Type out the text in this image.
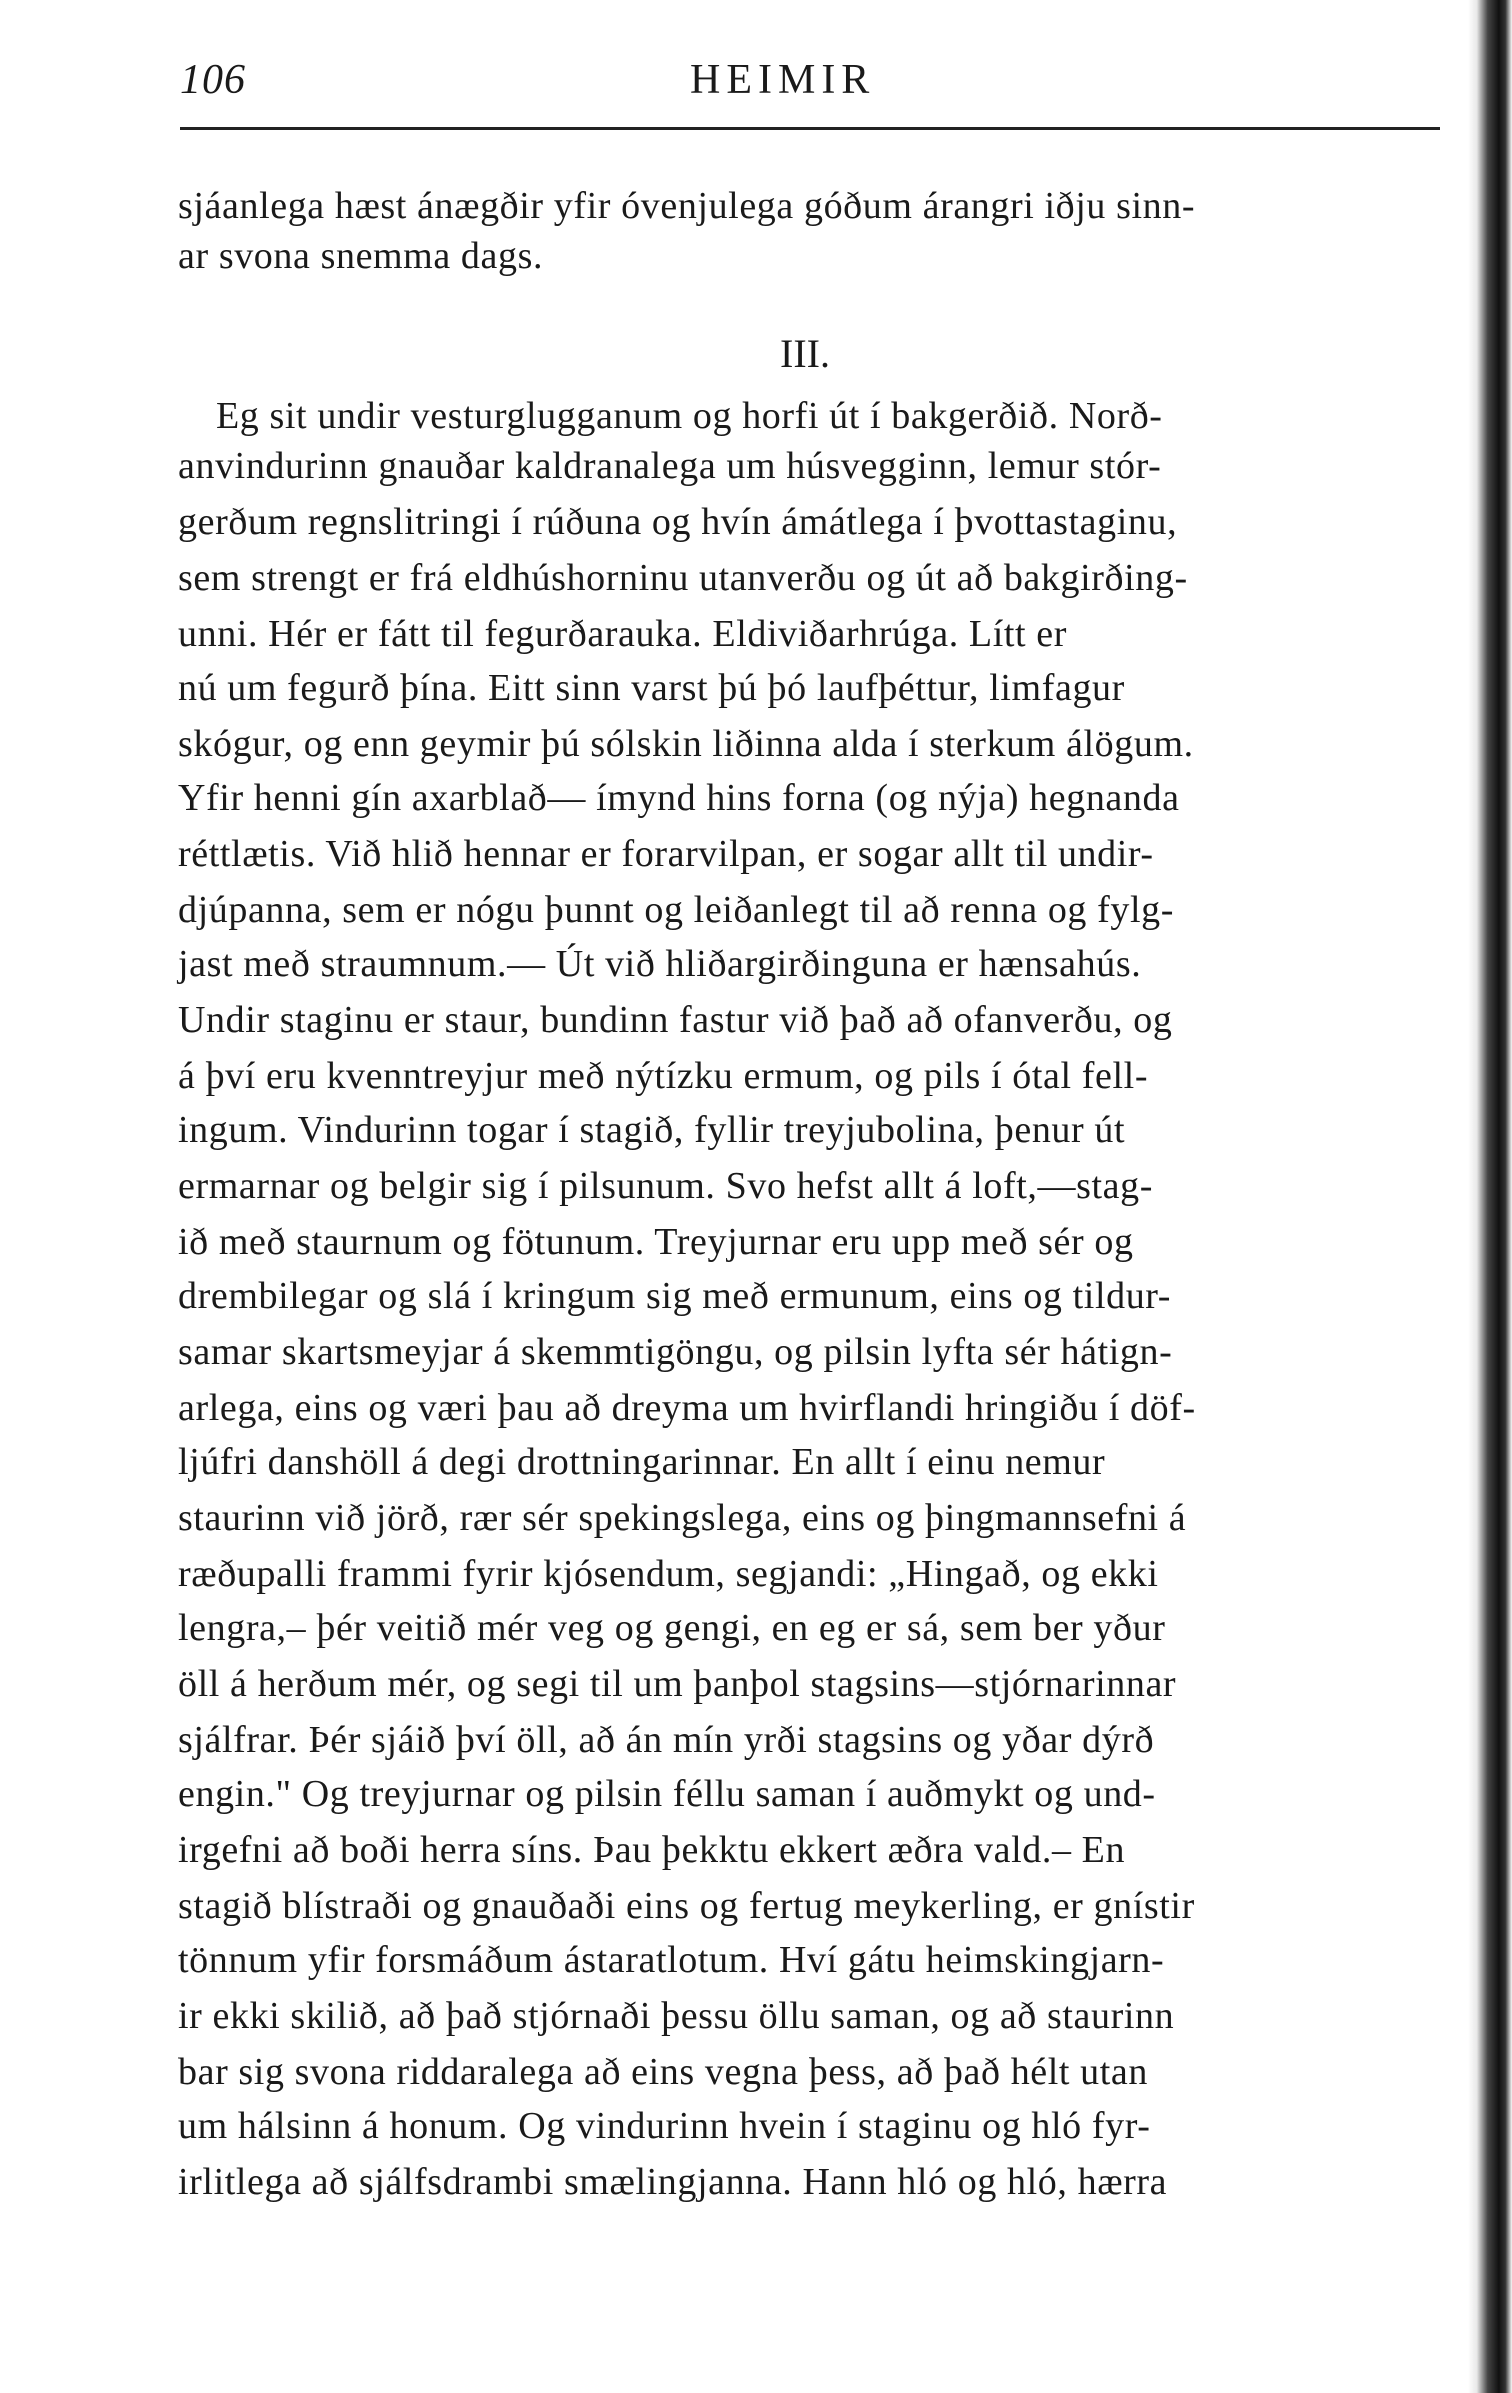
106	HEIMIR
sjáanlega hæst ánægðir yfir óvenjulega góðum árangri iðju sinn-
ar svona snemma dags.
III.
Eg sit undir vesturglugganum og horfi út í bakgerðið. Norð-
anvindurinn gnauðar kaldranalega um húsvegginn, lemur stór-
gerðum regnslitringi í rúðuna og hvín ámátlega í þvottastaginu,
sem strengt er frá eldhúshorninu utanverðu og út að bakgirðing-
unni. Hér er fátt til fegurðarauka. Eldiviðarhrúga. Lítt er
nú um fegurð þína. Eitt sinn varst þú þó laufþéttur, limfagur
skógur, og enn geymir þú sólskin liðinna alda í sterkum álögum.
Yfir henni gín axarblað— ímynd hins forna (og nýja) hegnanda
réttlætis. Við hlið hennar er forarvilpan, er sogar allt til undir-
djúpanna, sem er nógu þunnt og leiðanlegt til að renna og fylg-
jast með straumnum.— Út við hliðargirðinguna er hænsahús.
Undir staginu er staur, bundinn fastur við það að ofanverðu, og
á því eru kvenntreyjur með nýtízku ermum, og pils í ótal fell-
ingum. Vindurinn togar í stagið, fyllir treyjubolina, þenur út
ermarnar og belgir sig í pilsunum. Svo hefst allt á loft,—stag-
ið með staurnum og fötunum. Treyjurnar eru upp með sér og
drembilegar og slá í kringum sig með ermunum, eins og tildur-
samar skartsmeyjar á skemmtigöngu, og pilsin lyfta sér hátign-
arlega, eins og væri þau að dreyma um hvirflandi hringiðu í döf-
ljúfri danshöll á degi drottningarinnar. En allt í einu nemur
staurinn við jörð, rær sér spekingslega, eins og þingmannsefni á
ræðupalli frammi fyrir kjósendum, segjandi: „Hingað, og ekki
lengra,– þér veitið mér veg og gengi, en eg er sá, sem ber yður
öll á herðum mér, og segi til um þanþol stagsins—stjórnarinnar
sjálfrar. Þér sjáið því öll, að án mín yrði stagsins og yðar dýrð
engin." Og treyjurnar og pilsin féllu saman í auðmykt og und-
irgefni að boði herra síns. Þau þekktu ekkert æðra vald.– En
stagið blístraði og gnauðaði eins og fertug meykerling, er gnístir
tönnum yfir forsmáðum ástaratlotum. Hví gátu heimskingjarn-
ir ekki skilið, að það stjórnaði þessu öllu saman, og að staurinn
bar sig svona riddaralega að eins vegna þess, að það hélt utan
um hálsinn á honum. Og vindurinn hvein í staginu og hló fyr-
irlitlega að sjálfsdrambi smælingjanna. Hann hló og hló, hærra
